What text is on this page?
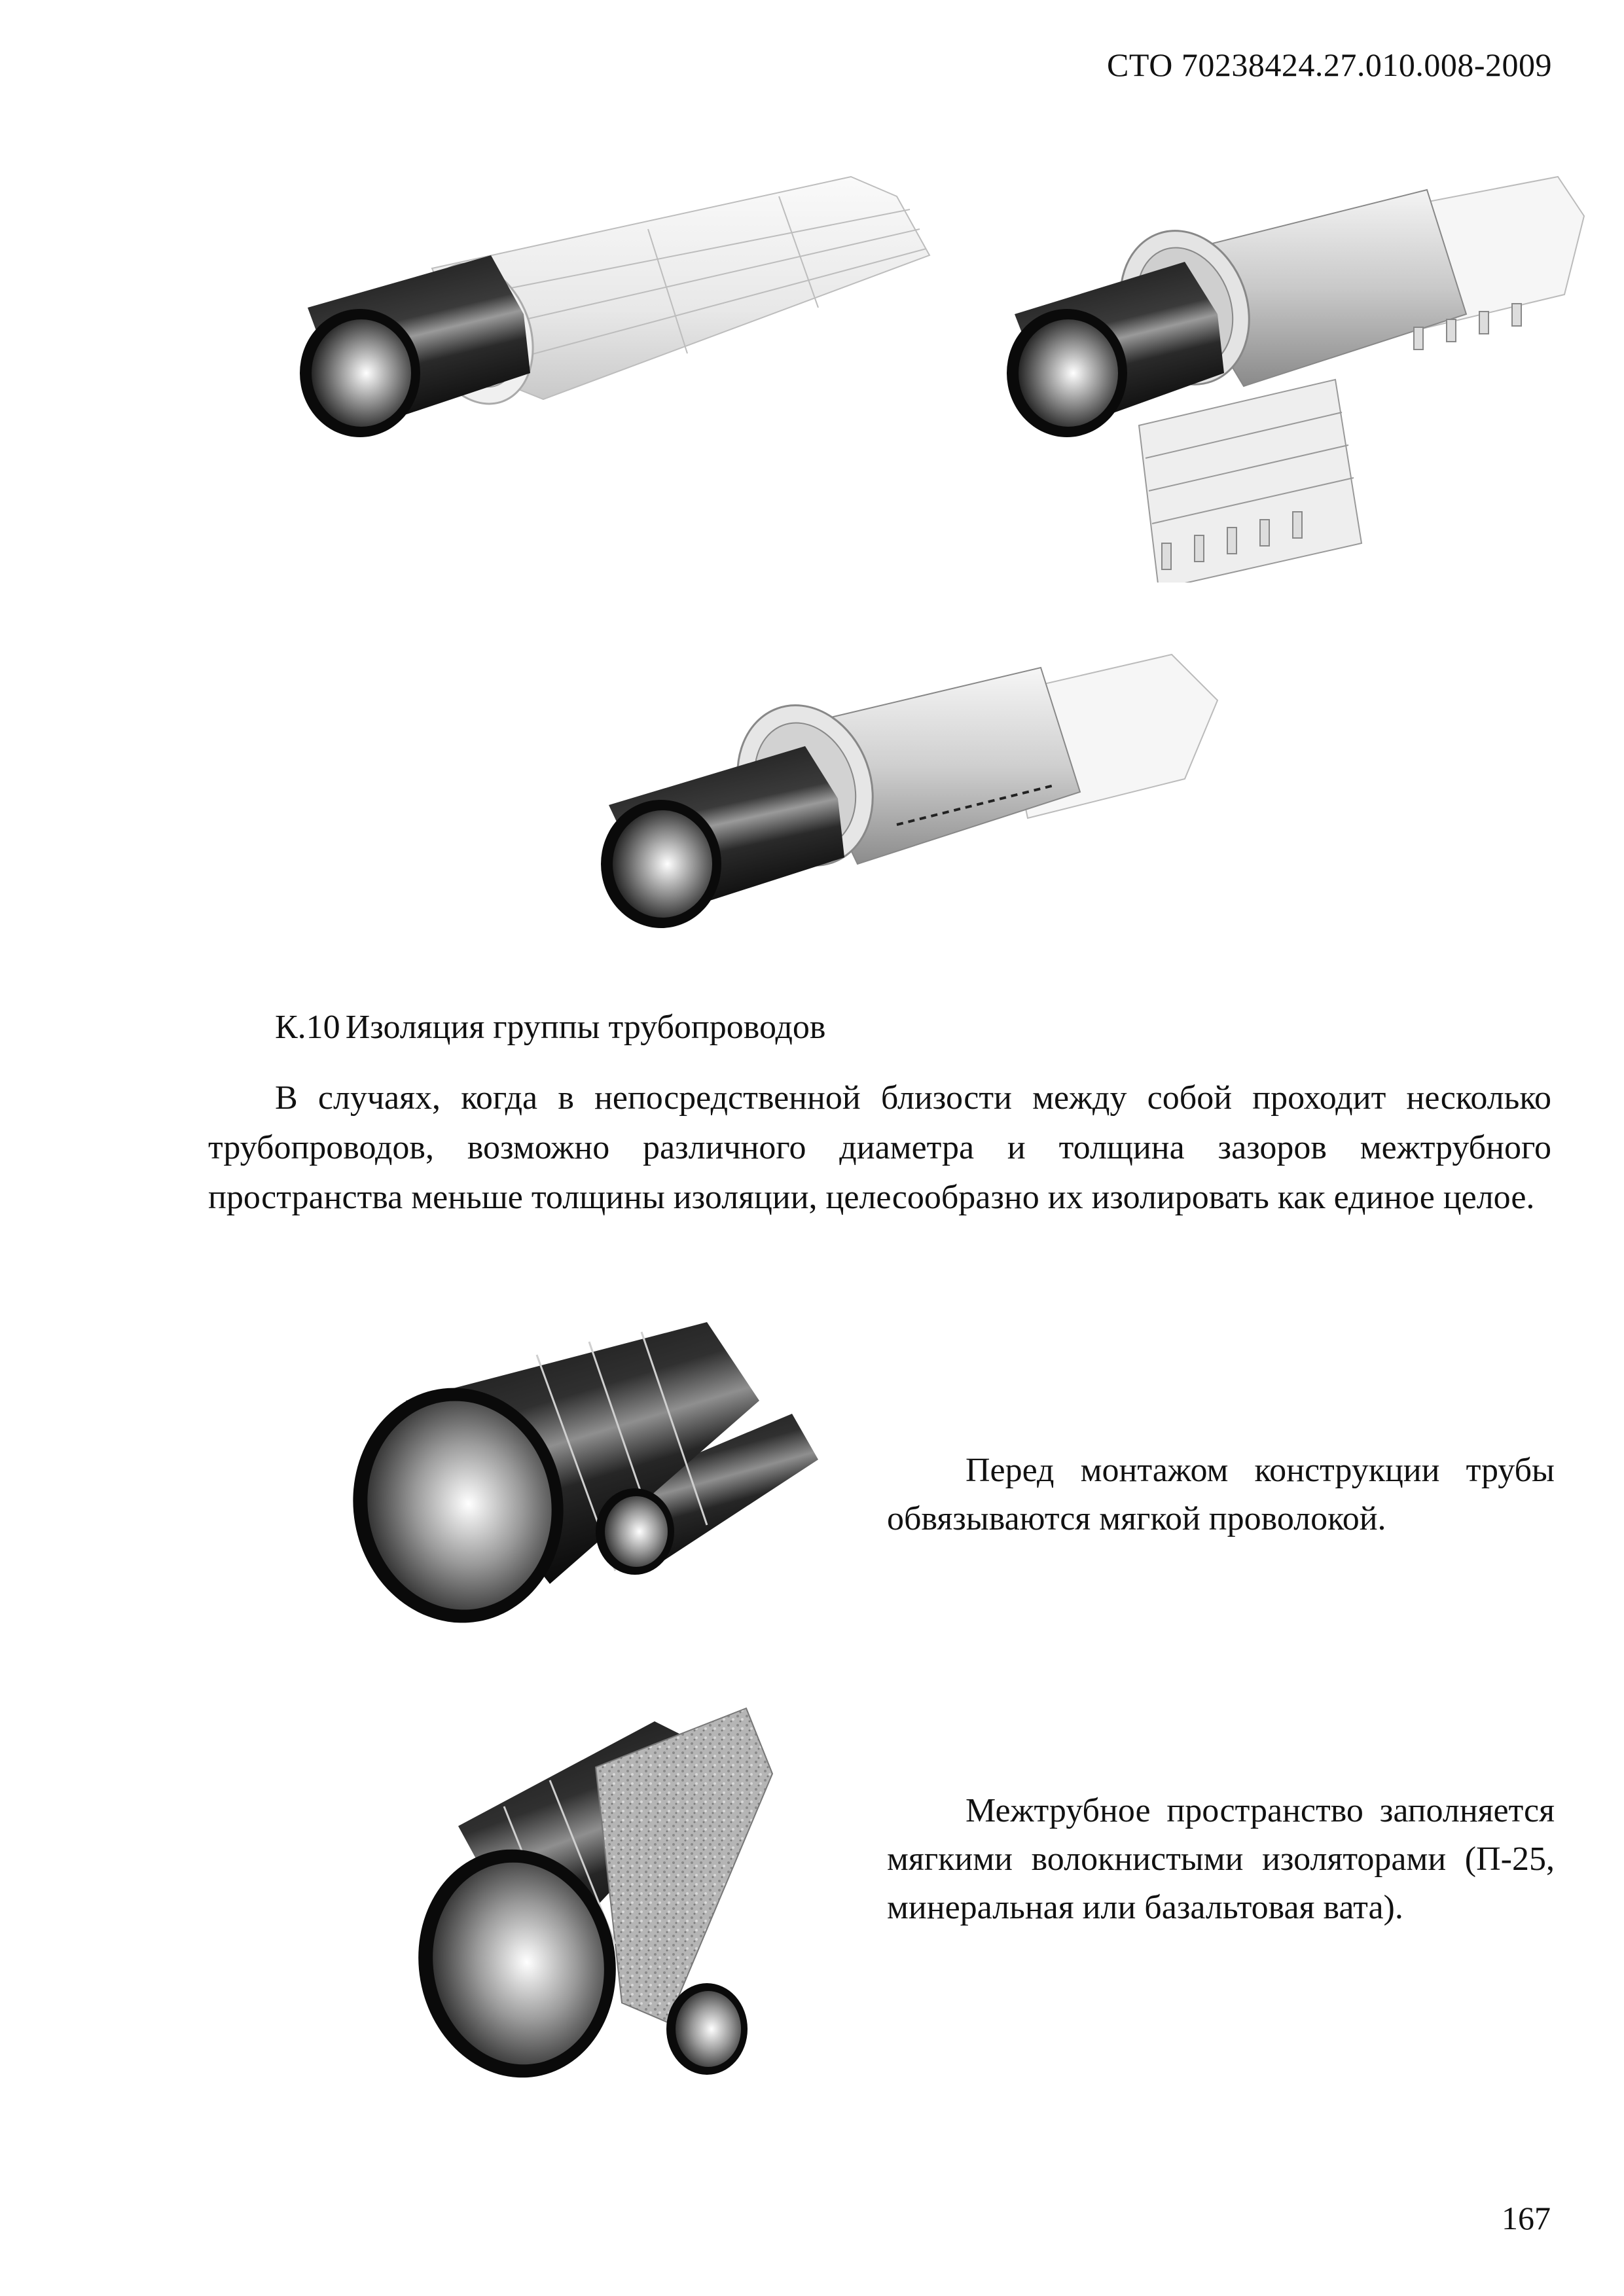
СТО 70238424.27.010.008-2009
К.10 Изоляция группы трубопроводов

В случаях, когда в непосредственной близости между собой проходит несколько трубопроводов, возможно различного диаметра и толщина зазоров межтрубного пространства меньше толщины изоляции, целесообразно их изолировать как единое целое.

Перед монтажом конструкции трубы обвязываются мягкой проволокой.

Межтрубное пространство заполняется мягкими волокнистыми изоляторами (П-25, минеральная или базальтовая вата).

167
